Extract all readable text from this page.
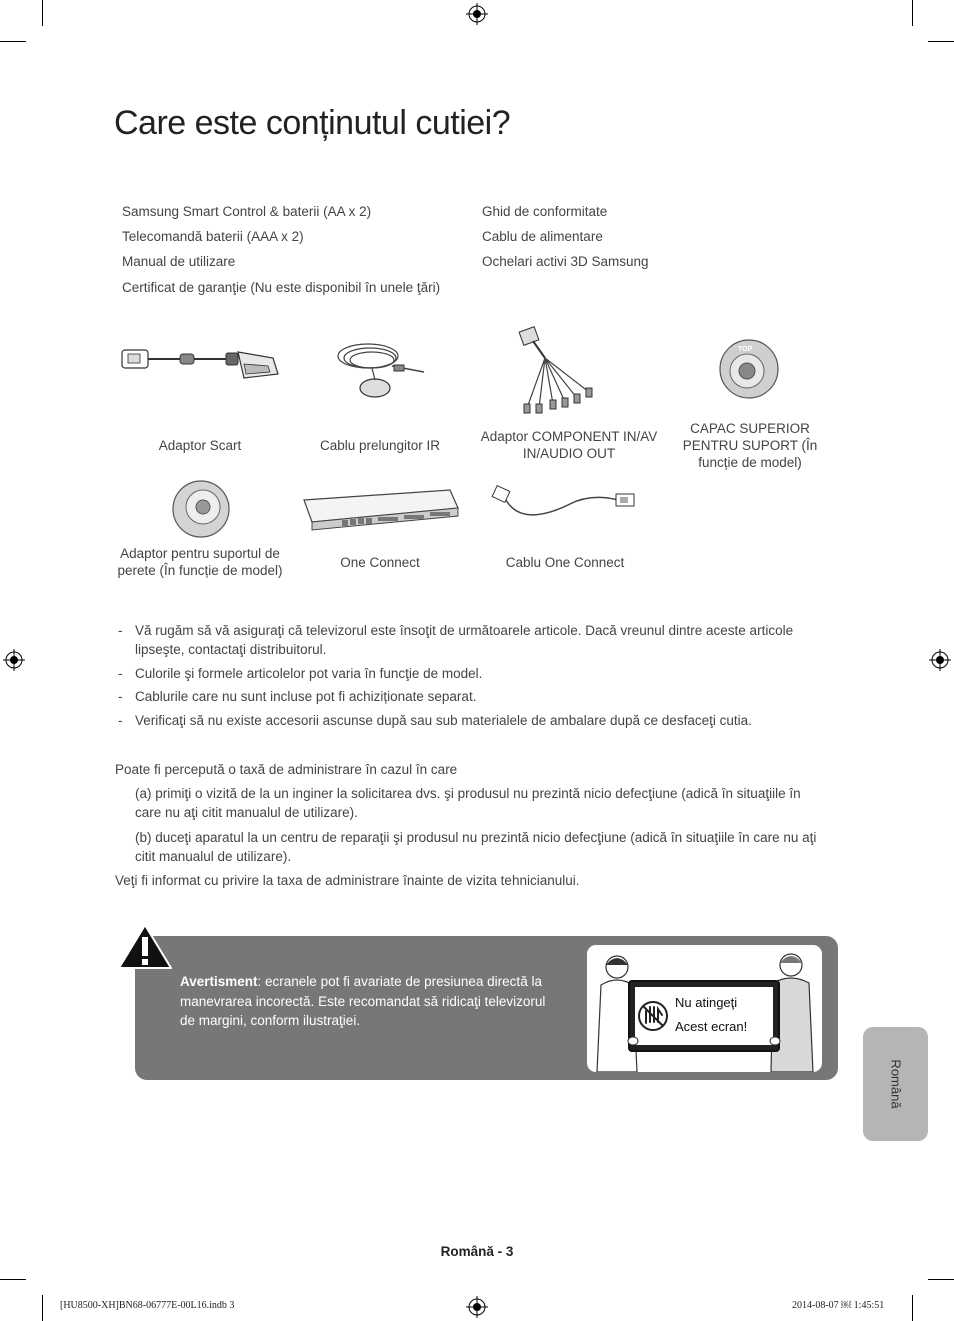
Care este conținutul cutiei?
Samsung Smart Control & baterii (AA x 2)
Telecomandă baterii (AAA x 2)
Manual de utilizare
Certificat de garanţie (Nu este disponibil în unele ţări)
Ghid de conformitate
Cablu de alimentare
Ochelari activi 3D Samsung
TOP
Adaptor Scart	Cablu prelungitor IR
Adaptor COMPONENT IN/AV IN/AUDIO OUT
CAPAC SUPERIOR PENTRU SUPORT (În funcție de model)
Adaptor pentru suportul de perete (În funcție de model)
One Connect	Cablu One Connect
- Vă rugăm să vă asiguraţi că televizorul este însoţit de următoarele articole. Dacă vreunul dintre aceste articole lipseşte, contactaţi distribuitorul.
- Culorile şi formele articolelor pot varia în funcţie de model.
- Cablurile care nu sunt incluse pot fi achiziționate separat.
- Verificaţi să nu existe accesorii ascunse după sau sub materialele de ambalare după ce desfaceţi cutia.
Poate fi percepută o taxă de administrare în cazul în care
(a) primiţi o vizită de la un inginer la solicitarea dvs. şi produsul nu prezintă nicio defecţiune (adică în situaţiile în care nu aţi citit manualul de utilizare).
(b) duceţi aparatul la un centru de reparaţii şi produsul nu prezintă nicio defecţiune (adică în situaţiile în care nu aţi citit manualul de utilizare).
Veţi fi informat cu privire la taxa de administrare înainte de vizita tehnicianului.
Avertisment: ecranele pot fi avariate de presiunea directă la manevrarea incorectă. Este recomandat să ridicaţi televizorul de margini, conform ilustraţiei.
Nu atingeţi
Acest ecran!
Română
Română - 3
[HU8500-XH]BN68-06777E-00L16.indb 3	2014-08-07 ￼ 1:45:51
